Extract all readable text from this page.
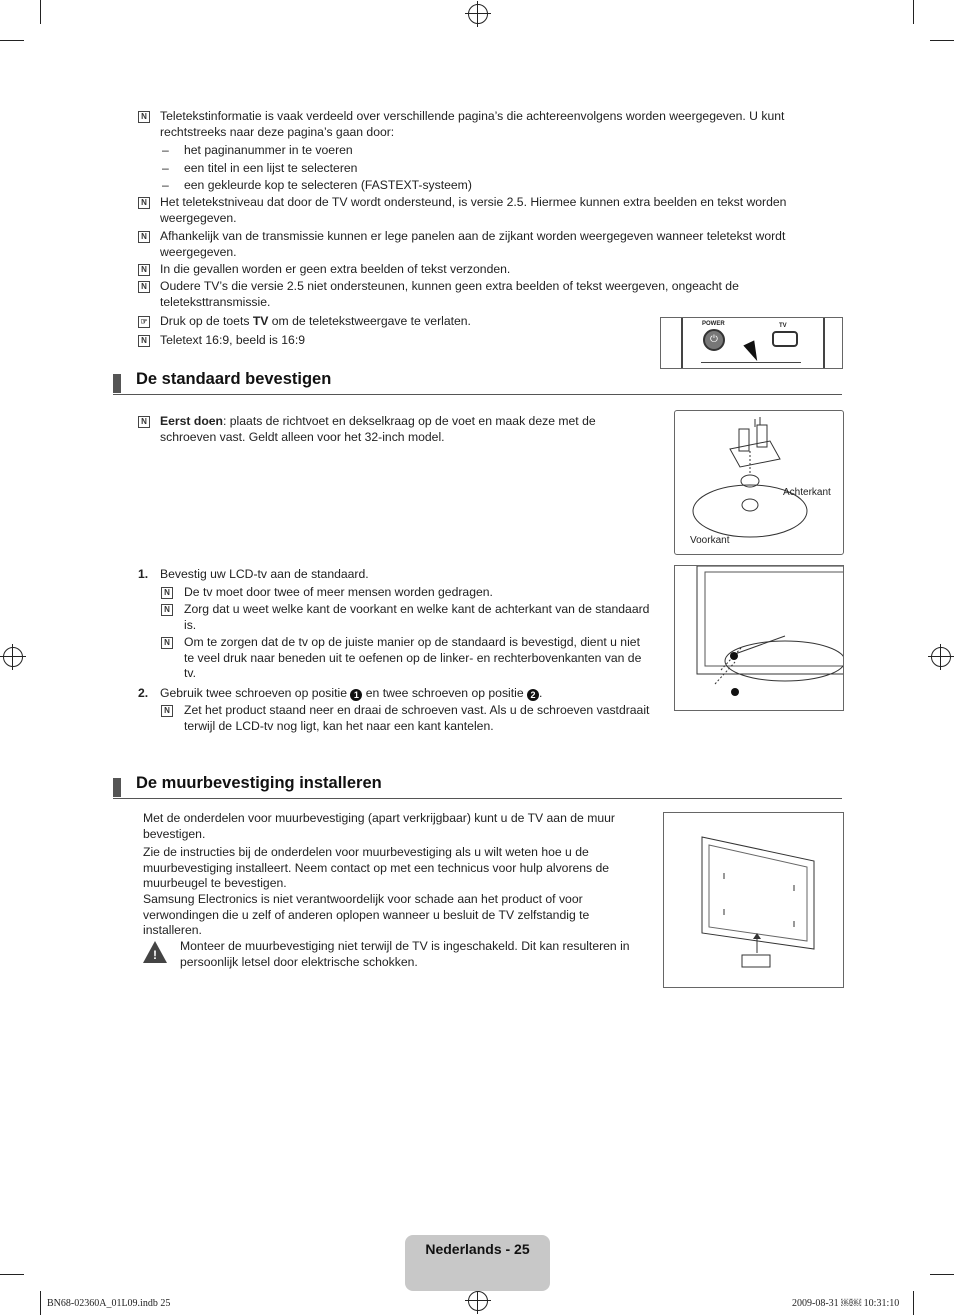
N Teletekstinformatie is vaak verdeeld over verschillende pagina’s die achtereenvolgens worden weergegeven. U kunt rechtstreeks naar deze pagina’s gaan door:
– het paginanummer in te voeren
– een titel in een lijst te selecteren
– een gekleurde kop te selecteren (FASTEXT-systeem)
N Het teletekstniveau dat door de TV wordt ondersteund, is versie 2.5. Hiermee kunnen extra beelden en tekst worden weergegeven.
N Afhankelijk van de transmissie kunnen er lege panelen aan de zijkant worden weergegeven wanneer teletekst wordt weergegeven.
N In die gevallen worden er geen extra beelden of tekst verzonden.
N Oudere TV’s die versie 2.5 niet ondersteunen, kunnen geen extra beelden of tekst weergeven, ongeacht de teleteksttransmissie.
☞ Druk op de toets TV om de teletekstweergave te verlaten.
N Teletext 16:9, beeld is 16:9
POWER
⏻
TV
De standaard bevestigen
N Eerst doen: plaats de richtvoet en dekselkraag op de voet en maak deze met de schroeven vast. Geldt alleen voor het 32-inch model.
Achterkant
Voorkant
1. Bevestig uw LCD-tv aan de standaard.
N De tv moet door twee of meer mensen worden gedragen.
N Zorg dat u weet welke kant de voorkant en welke kant de achterkant van de standaard is.
N Om te zorgen dat de tv op de juiste manier op de standaard is bevestigd, dient u niet te veel druk naar beneden uit te oefenen op de linker- en rechterbovenkanten van de tv.
2. Gebruik twee schroeven op positie 1 en twee schroeven op positie 2 .
N Zet het product staand neer en draai de schroeven vast. Als u de schroeven vastdraait terwijl de LCD-tv nog ligt, kan het naar een kant kantelen.
De muurbevestiging installeren
Met de onderdelen voor muurbevestiging (apart verkrijgbaar) kunt u de TV aan de muur bevestigen.
Zie de instructies bij de onderdelen voor muurbevestiging als u wilt weten hoe u de muurbevestiging installeert. Neem contact op met een technicus voor hulp alvorens de muurbeugel te bevestigen.
Samsung Electronics is niet verantwoordelijk voor schade aan het product of voor verwondingen die u zelf of anderen oplopen wanneer u besluit de TV zelfstandig te installeren.
!
Monteer de muurbevestiging niet terwijl de TV is ingeschakeld. Dit kan resulteren in persoonlijk letsel door elektrische schokken.
Nederlands - 25
BN68-02360A_01L09.indb 25	2009-08-31 ￼￼ 10:31:10
